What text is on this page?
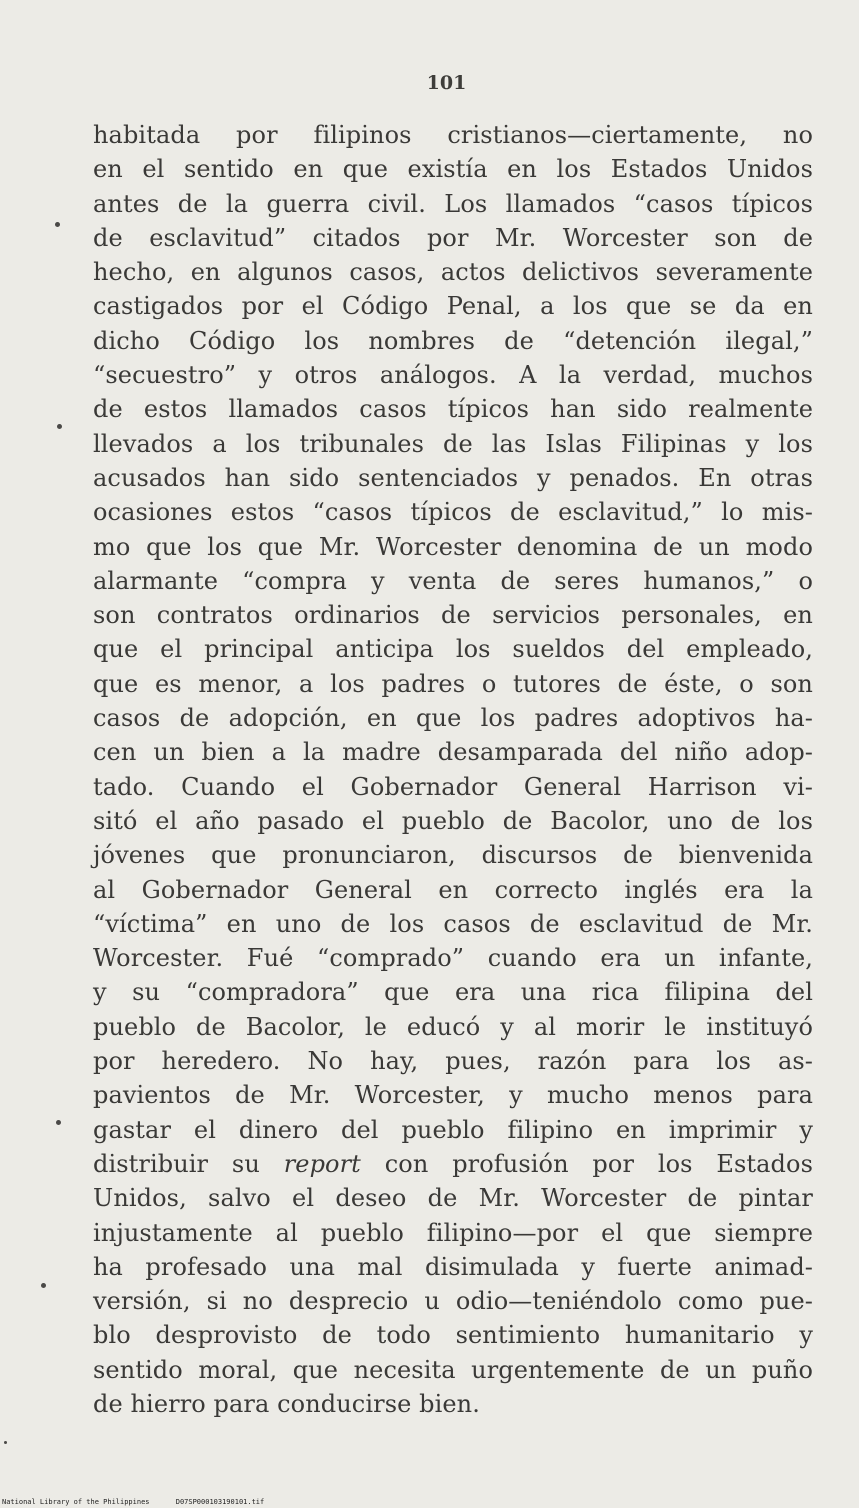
101
habitada por filipinos cristianos—ciertamente, no
en el sentido en que existía en los Estados Unidos
antes de la guerra civil. Los llamados “casos típicos
de esclavitud” citados por Mr. Worcester son de
hecho, en algunos casos, actos delictivos severamente
castigados por el Código Penal, a los que se da en
dicho Código los nombres de “detención ilegal,”
“secuestro” y otros análogos. A la verdad, muchos
de estos llamados casos típicos han sido realmente
llevados a los tribunales de las Islas Filipinas y los
acusados han sido sentenciados y penados. En otras
ocasiones estos “casos típicos de esclavitud,” lo mis-
mo que los que Mr. Worcester denomina de un modo
alarmante “compra y venta de seres humanos,” o
son contratos ordinarios de servicios personales, en
que el principal anticipa los sueldos del empleado,
que es menor, a los padres o tutores de éste, o son
casos de adopción, en que los padres adoptivos ha-
cen un bien a la madre desamparada del niño adop-
tado. Cuando el Gobernador General Harrison vi-
sitó el año pasado el pueblo de Bacolor, uno de los
jóvenes que pronunciaron, discursos de bienvenida
al Gobernador General en correcto inglés era la
“víctima” en uno de los casos de esclavitud de Mr.
Worcester. Fué “comprado” cuando era un infante,
y su “compradora” que era una rica filipina del
pueblo de Bacolor, le educó y al morir le instituyó
por heredero. No hay, pues, razón para los as-
pavientos de Mr. Worcester, y mucho menos para
gastar el dinero del pueblo filipino en imprimir y
distribuir su report con profusión por los Estados
Unidos, salvo el deseo de Mr. Worcester de pintar
injustamente al pueblo filipino—por el que siempre
ha profesado una mal disimulada y fuerte animad-
versión, si no desprecio u odio—teniéndolo como pue-
blo desprovisto de todo sentimiento humanitario y
sentido moral, que necesita urgentemente de un puño
de hierro para conducirse bien.
National Library of the Philippines	D07SP000103190101.tif
